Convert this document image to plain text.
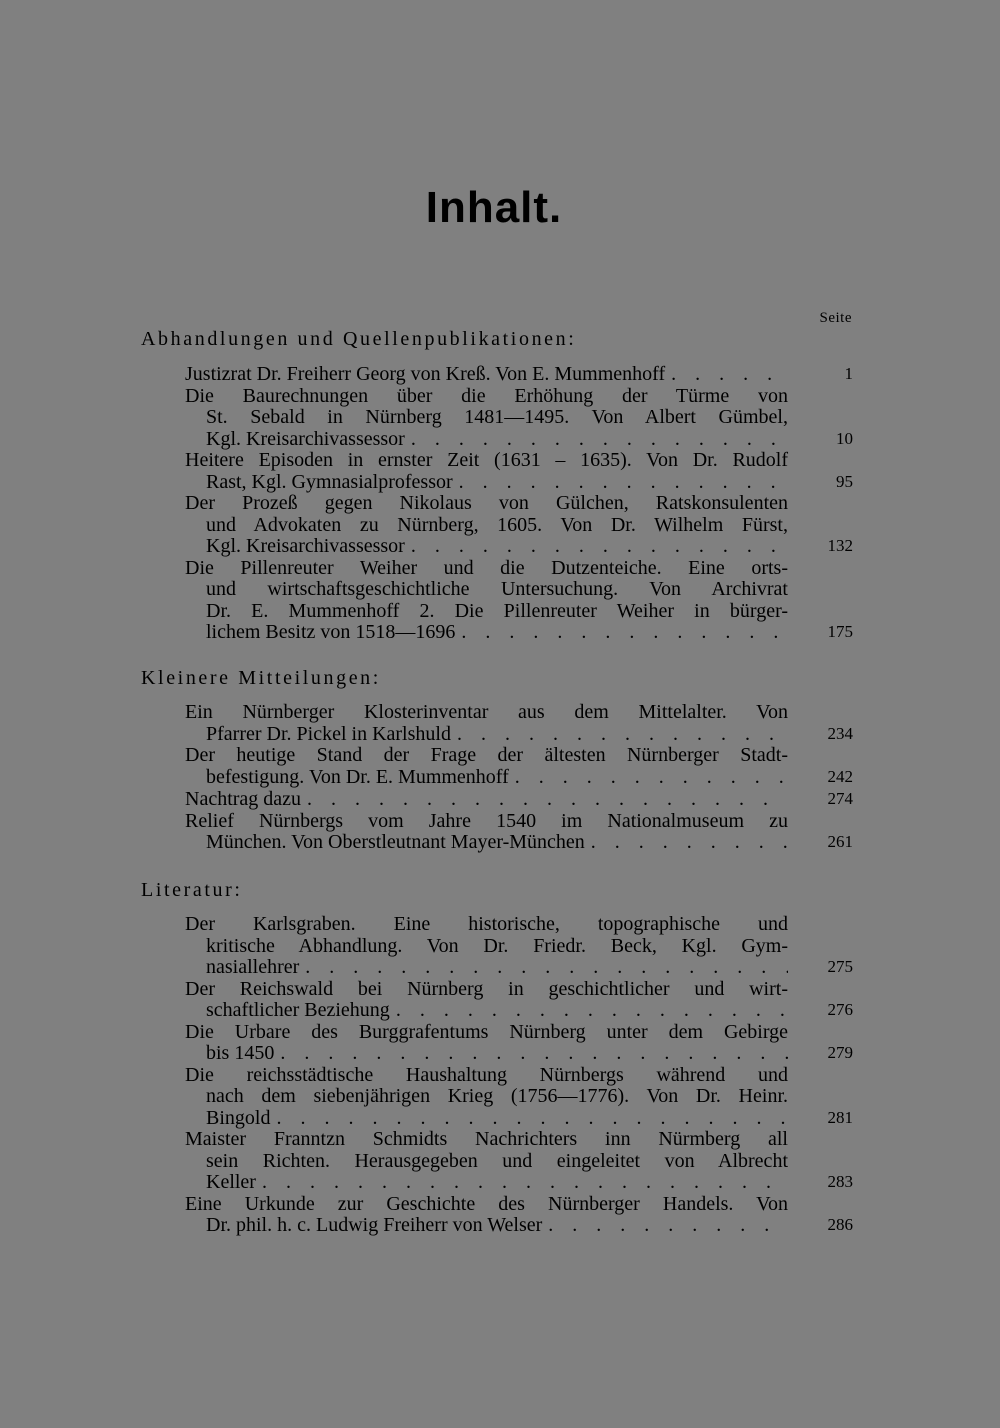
Inhalt.
Seite
Abhandlungen und Quellenpublikationen:
Justizrat Dr. Freiherr Georg von Kreß. Von E. Mummenhoff . . .	1
Die Baurechnungen über die Erhöhung der Türme von
St. Sebald in Nürnberg 1481—1495. Von Albert Gümbel,
Kgl. Kreisarchivassessor . . .	10
Heitere Episoden in ernster Zeit (1631 – 1635). Von Dr. Rudolf
Rast, Kgl. Gymnasialprofessor . . .	95
Der Prozeß gegen Nikolaus von Gülchen, Ratskonsulenten
und Advokaten zu Nürnberg, 1605. Von Dr. Wilhelm Fürst,
Kgl. Kreisarchivassessor . . .	132
Die Pillenreuter Weiher und die Dutzenteiche. Eine orts-
und wirtschaftsgeschichtliche Untersuchung. Von Archivrat
Dr. E. Mummenhoff 2. Die Pillenreuter Weiher in bürger-
lichem Besitz von 1518—1696 . . .	175
Kleinere Mitteilungen:
Ein Nürnberger Klosterinventar aus dem Mittelalter. Von
Pfarrer Dr. Pickel in Karlshuld . . .	234
Der heutige Stand der Frage der ältesten Nürnberger Stadt-
befestigung. Von Dr. E. Mummenhoff . . .	242
Nachtrag dazu . . .	274
Relief Nürnbergs vom Jahre 1540 im Nationalmuseum zu
München. Von Oberstleutnant Mayer-München . . .	261
Literatur:
Der Karlsgraben. Eine historische, topographische und
kritische Abhandlung. Von Dr. Friedr. Beck, Kgl. Gym-
nasiallehrer . . .	275
Der Reichswald bei Nürnberg in geschichtlicher und wirt-
schaftlicher Beziehung . . .	276
Die Urbare des Burggrafentums Nürnberg unter dem Gebirge
bis 1450 . . .	279
Die reichsstädtische Haushaltung Nürnbergs während und
nach dem siebenjährigen Krieg (1756—1776). Von Dr. Heinr.
Bingold . . .	281
Maister Franntzn Schmidts Nachrichters inn Nürmberg all
sein Richten. Herausgegeben und eingeleitet von Albrecht
Keller . . .	283
Eine Urkunde zur Geschichte des Nürnberger Handels. Von
Dr. phil. h. c. Ludwig Freiherr von Welser . . .	286
